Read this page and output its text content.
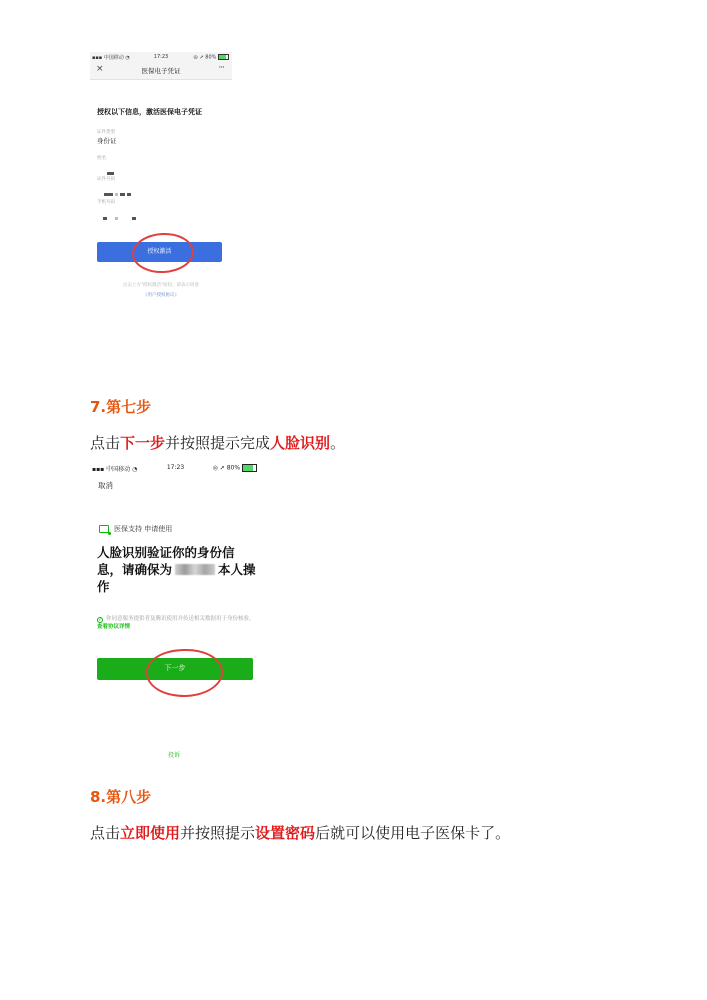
▪▪▪ 中国移动 ◔	17:23	◎ ➚ 80%
×	医保电子凭证	···
授权以下信息，激活医保电子凭证
证件类型
身份证
姓名
证件号码
手机号码
授权激活
点击上方"授权激活"按钮，即表示同意
《用户授权协议》
7.第七步
点击下一步并按照提示完成人脸识别。
▪▪▪ 中国移动 ◔	17:23	◎ ➚ 80%
取消
医保支持 申请使用
人脸识别验证你的身份信息，请确保为	本人操作
✓ 你同意服务提供者及腾讯使用并传送相关数据用于身份核验。查看协议详情
下一步
投诉
8.第八步
点击立即使用并按照提示设置密码后就可以使用电子医保卡了。
